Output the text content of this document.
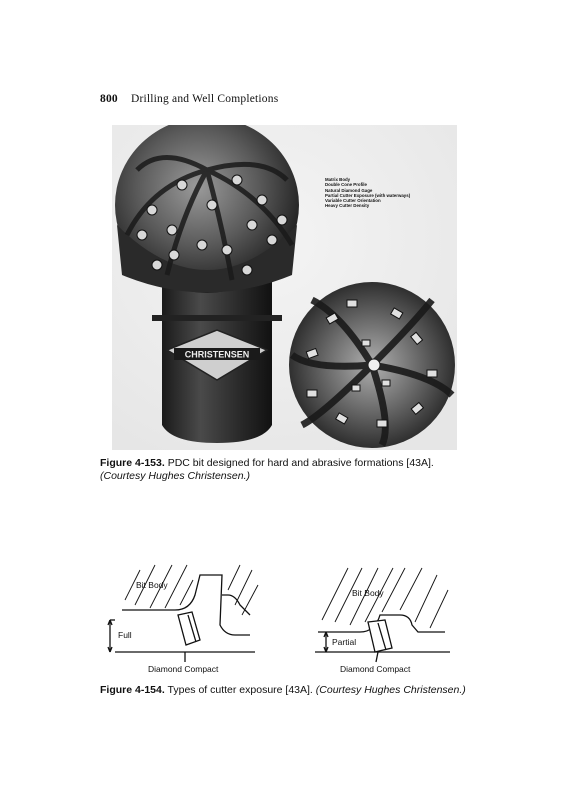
800 Drilling and Well Completions
CHRISTENSEN
Matrix Body
Double Cone Profile
Natural Diamond Gage
Partial Cutter Exposure (with waterways)
Variable Cutter Orientation
Heavy Cutter Density
Figure 4-153. PDC bit designed for hard and abrasive formations [43A].
(Courtesy Hughes Christensen.)
Bit Body
Full
Diamond Compact
Bit Body
Partial
Diamond Compact
Figure 4-154. Types of cutter exposure [43A]. (Courtesy Hughes Christensen.)
